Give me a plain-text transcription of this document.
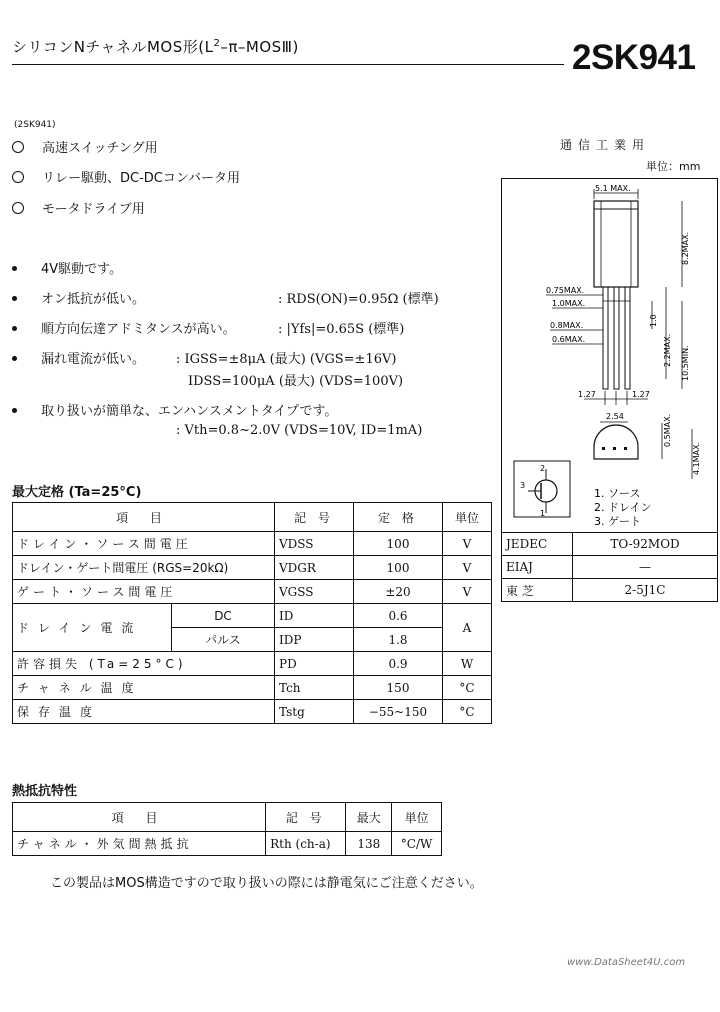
シリコンNチャネルMOS形$(L^2-\pi-MOSⅢ)$	2SK941
(2SK941)
高速スイッチング用
リレー駆動、DC-DCコンバータ用
モータドライブ用
4V駆動です。
オン抵抗が低い。	: RDS(ON)=0.95Ω (標準)
順方向伝達アドミタンスが高い。	: |Yfs|=0.65S (標準)
漏れ電流が低い。 : IGSS=±8μA (最大) (VGS=±16V)
IDSS=100μA (最大) (VDS=100V)
取り扱いが簡単な、エンハンスメントタイプです。
: Vth=0.8~2.0V (VDS=10V, ID=1mA)
通信工業用
単位：mm
5.1 MAX.
8.2MAX.
1.0
2.2MAX. 10.5MIN.
0.75MAX.
1.0MAX.
0.8MAX.
0.6MAX.
1.27	1.27
2.54	0.5MAX.
4.1MAX.
2
1
3
1. ソース
2. ドレイン
3. ゲート
JEDEC	TO-92MOD
EIAJ	—
東 芝	2-5J1C
最大定格 (Ta=25°C)
項 目		記 号	定 格	単位
ドレイン・ソース間電圧		VDSS	100	V
ドレイン・ゲート間電圧 (RGS=20kΩ)		VDGR	100	V
ゲート・ソース間電圧		VGSS	±20	V
ドレイン電流	DC	ID	0.6	A
	パルス	IDP	1.8	
許容損失 (Ta=25°C)		PD	0.9	W
チャネル温度		Tch	150	°C
保存温度		Tstg	−55~150	°C
熱抵抗特性
項 目	記 号	最大	単位
チャネル・外気間熱抵抗	Rth (ch-a)	138	°C/W
この製品はMOS構造ですので取り扱いの際には静電気にご注意ください。
www.DataSheet4U.com
